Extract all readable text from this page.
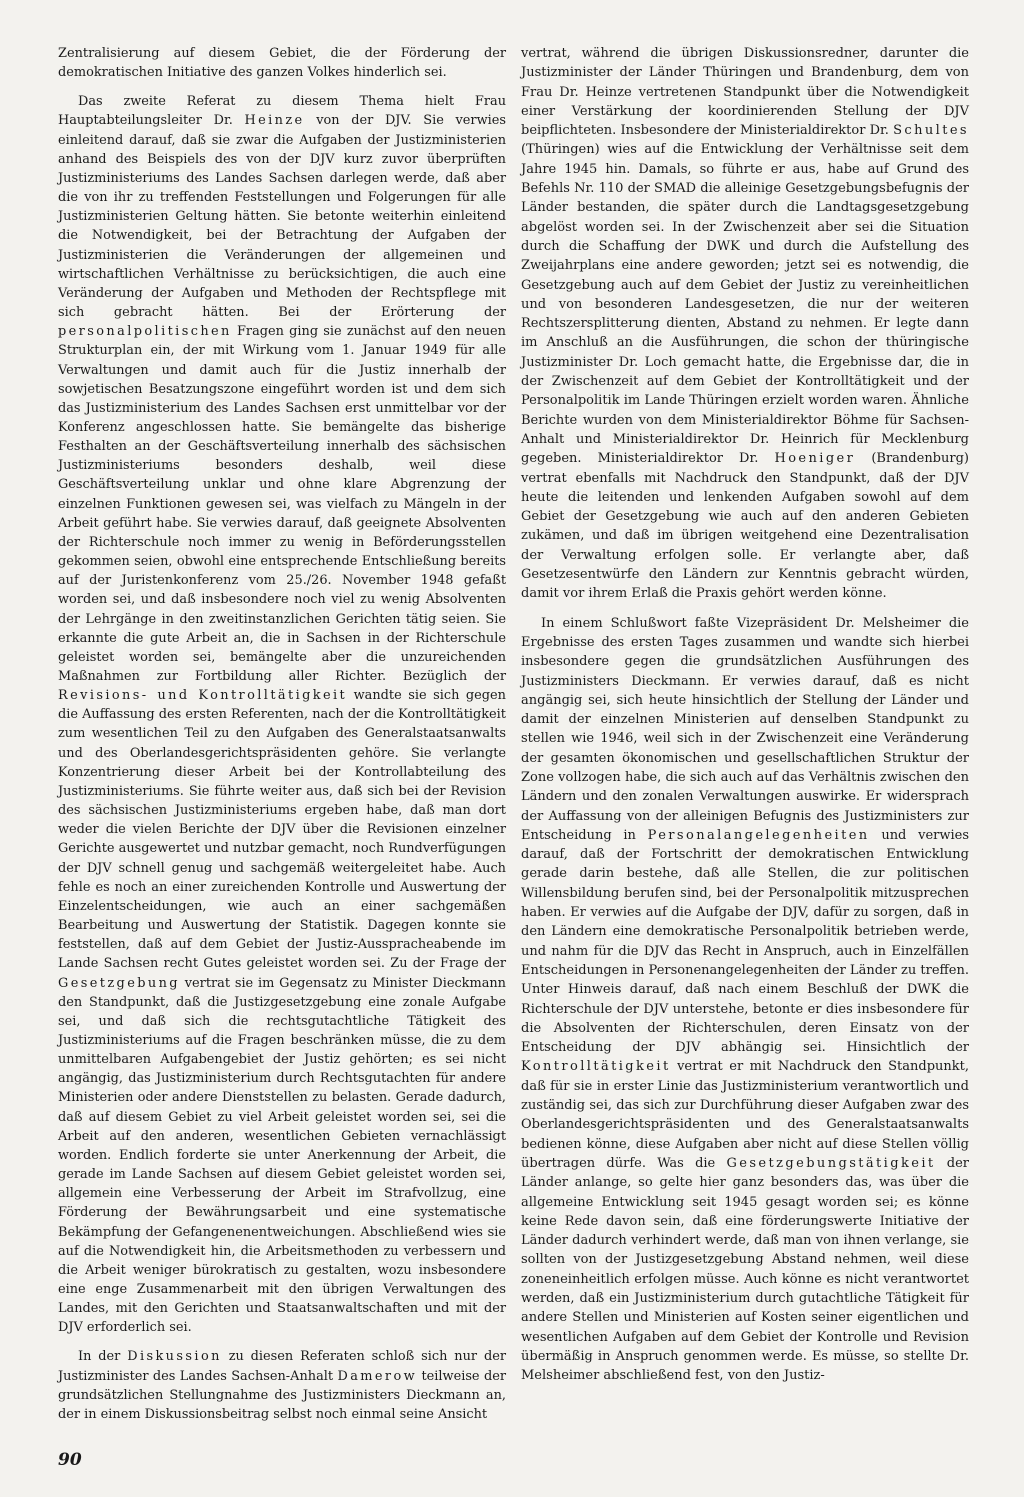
Zentralisierung auf diesem Gebiet, die der Förderung der demokratischen Initiative des ganzen Volkes hinderlich sei.

Das zweite Referat zu diesem Thema hielt Frau Hauptabteilungsleiter Dr. Heinze von der DJV. Sie verwies einleitend darauf, daß sie zwar die Aufgaben der Justizministerien anhand des Beispiels des von der DJV kurz zuvor überprüften Justizministeriums des Landes Sachsen darlegen werde, daß aber die von ihr zu treffenden Feststellungen und Folgerungen für alle Justizministerien Geltung hätten. Sie betonte weiterhin einleitend die Notwendigkeit, bei der Betrachtung der Aufgaben der Justizministerien die Veränderungen der allgemeinen und wirtschaftlichen Verhältnisse zu berücksichtigen, die auch eine Veränderung der Aufgaben und Methoden der Rechtspflege mit sich gebracht hätten. Bei der Erörterung der personalpolitischen Fragen ging sie zunächst auf den neuen Strukturplan ein, der mit Wirkung vom 1. Januar 1949 für alle Verwaltungen und damit auch für die Justiz innerhalb der sowjetischen Besatzungszone eingeführt worden ist und dem sich das Justizministerium des Landes Sachsen erst unmittelbar vor der Konferenz angeschlossen hatte. Sie bemängelte das bisherige Festhalten an der Geschäftsverteilung innerhalb des sächsischen Justizministeriums besonders deshalb, weil diese Geschäftsverteilung unklar und ohne klare Abgrenzung der einzelnen Funktionen gewesen sei, was vielfach zu Mängeln in der Arbeit geführt habe. Sie verwies darauf, daß geeignete Absolventen der Richterschule noch immer zu wenig in Beförderungsstellen gekommen seien, obwohl eine entsprechende Entschließung bereits auf der Juristenkonferenz vom 25./26. November 1948 gefaßt worden sei, und daß insbesondere noch viel zu wenig Absolventen der Lehrgänge in den zweitinstanzlichen Gerichten tätig seien. Sie erkannte die gute Arbeit an, die in Sachsen in der Richterschule geleistet worden sei, bemängelte aber die unzureichenden Maßnahmen zur Fortbildung aller Richter. Bezüglich der Revisions- und Kontrolltätigkeit wandte sie sich gegen die Auffassung des ersten Referenten, nach der die Kontrolltätigkeit zum wesentlichen Teil zu den Aufgaben des Generalstaatsanwalts und des Oberlandesgerichtspräsidenten gehöre. Sie verlangte Konzentrierung dieser Arbeit bei der Kontrollabteilung des Justizministeriums. Sie führte weiter aus, daß sich bei der Revision des sächsischen Justizministeriums ergeben habe, daß man dort weder die vielen Berichte der DJV über die Revisionen einzelner Gerichte ausgewertet und nutzbar gemacht, noch Rundverfügungen der DJV schnell genug und sachgemäß weitergeleitet habe. Auch fehle es noch an einer zureichenden Kontrolle und Auswertung der Einzelentscheidungen, wie auch an einer sachgemäßen Bearbeitung und Auswertung der Statistik. Dagegen konnte sie feststellen, daß auf dem Gebiet der Justiz-Ausspracheabende im Lande Sachsen recht Gutes geleistet worden sei. Zu der Frage der Gesetzgebung vertrat sie im Gegensatz zu Minister Dieckmann den Standpunkt, daß die Justizgesetzgebung eine zonale Aufgabe sei, und daß sich die rechtsgutachtliche Tätigkeit des Justizministeriums auf die Fragen beschränken müsse, die zu dem unmittelbaren Aufgabengebiet der Justiz gehörten; es sei nicht angängig, das Justizministerium durch Rechtsgutachten für andere Ministerien oder andere Dienststellen zu belasten. Gerade dadurch, daß auf diesem Gebiet zu viel Arbeit geleistet worden sei, sei die Arbeit auf den anderen, wesentlichen Gebieten vernachlässigt worden. Endlich forderte sie unter Anerkennung der Arbeit, die gerade im Lande Sachsen auf diesem Gebiet geleistet worden sei, allgemein eine Verbesserung der Arbeit im Strafvollzug, eine Förderung der Bewährungsarbeit und eine systematische Bekämpfung der Gefangenenentweichungen. Abschließend wies sie auf die Notwendigkeit hin, die Arbeitsmethoden zu verbessern und die Arbeit weniger bürokratisch zu gestalten, wozu insbesondere eine enge Zusammenarbeit mit den übrigen Verwaltungen des Landes, mit den Gerichten und Staatsanwaltschaften und mit der DJV erforderlich sei.

In der Diskussion zu diesen Referaten schloß sich nur der Justizminister des Landes Sachsen-Anhalt Damerow teilweise der grundsätzlichen Stellungnahme des Justizministers Dieckmann an, der in einem Diskussionsbeitrag selbst noch einmal seine Ansicht

vertrat, während die übrigen Diskussionsredner, darunter die Justizminister der Länder Thüringen und Brandenburg, dem von Frau Dr. Heinze vertretenen Standpunkt über die Notwendigkeit einer Verstärkung der koordinierenden Stellung der DJV beipflichteten. Insbesondere der Ministerialdirektor Dr. Schultes (Thüringen) wies auf die Entwicklung der Verhältnisse seit dem Jahre 1945 hin. Damals, so führte er aus, habe auf Grund des Befehls Nr. 110 der SMAD die alleinige Gesetzgebungsbefugnis der Länder bestanden, die später durch die Landtagsgesetzgebung abgelöst worden sei. In der Zwischenzeit aber sei die Situation durch die Schaffung der DWK und durch die Aufstellung des Zweijahrplans eine andere geworden; jetzt sei es notwendig, die Gesetzgebung auch auf dem Gebiet der Justiz zu vereinheitlichen und von besonderen Landesgesetzen, die nur der weiteren Rechtszersplitterung dienten, Abstand zu nehmen. Er legte dann im Anschluß an die Ausführungen, die schon der thüringische Justizminister Dr. Loch gemacht hatte, die Ergebnisse dar, die in der Zwischenzeit auf dem Gebiet der Kontrolltätigkeit und der Personalpolitik im Lande Thüringen erzielt worden waren. Ähnliche Berichte wurden von dem Ministerialdirektor Böhme für Sachsen-Anhalt und Ministerialdirektor Dr. Heinrich für Mecklenburg gegeben. Ministerialdirektor Dr. Hoeniger (Brandenburg) vertrat ebenfalls mit Nachdruck den Standpunkt, daß der DJV heute die leitenden und lenkenden Aufgaben sowohl auf dem Gebiet der Gesetzgebung wie auch auf den anderen Gebieten zukämen, und daß im übrigen weitgehend eine Dezentralisation der Verwaltung erfolgen solle. Er verlangte aber, daß Gesetzesentwürfe den Ländern zur Kenntnis gebracht würden, damit vor ihrem Erlaß die Praxis gehört werden könne.

In einem Schlußwort faßte Vizepräsident Dr. Melsheimer die Ergebnisse des ersten Tages zusammen und wandte sich hierbei insbesondere gegen die grundsätzlichen Ausführungen des Justizministers Dieckmann. Er verwies darauf, daß es nicht angängig sei, sich heute hinsichtlich der Stellung der Länder und damit der einzelnen Ministerien auf denselben Standpunkt zu stellen wie 1946, weil sich in der Zwischenzeit eine Veränderung der gesamten ökonomischen und gesellschaftlichen Struktur der Zone vollzogen habe, die sich auch auf das Verhältnis zwischen den Ländern und den zonalen Verwaltungen auswirke. Er widersprach der Auffassung von der alleinigen Befugnis des Justizministers zur Entscheidung in Personalangelegenheiten und verwies darauf, daß der Fortschritt der demokratischen Entwicklung gerade darin bestehe, daß alle Stellen, die zur politischen Willensbildung berufen sind, bei der Personalpolitik mitzusprechen haben. Er verwies auf die Aufgabe der DJV, dafür zu sorgen, daß in den Ländern eine demokratische Personalpolitik betrieben werde, und nahm für die DJV das Recht in Anspruch, auch in Einzelfällen Entscheidungen in Personenangelegenheiten der Länder zu treffen. Unter Hinweis darauf, daß nach einem Beschluß der DWK die Richterschule der DJV unterstehe, betonte er dies insbesondere für die Absolventen der Richterschulen, deren Einsatz von der Entscheidung der DJV abhängig sei. Hinsichtlich der Kontrolltätigkeit vertrat er mit Nachdruck den Standpunkt, daß für sie in erster Linie das Justizministerium verantwortlich und zuständig sei, das sich zur Durchführung dieser Aufgaben zwar des Oberlandesgerichtspräsidenten und des Generalstaatsanwalts bedienen könne, diese Aufgaben aber nicht auf diese Stellen völlig übertragen dürfe. Was die Gesetzgebungstätigkeit der Länder anlange, so gelte hier ganz besonders das, was über die allgemeine Entwicklung seit 1945 gesagt worden sei; es könne keine Rede davon sein, daß eine förderungswerte Initiative der Länder dadurch verhindert werde, daß man von ihnen verlange, sie sollten von der Justizgesetzgebung Abstand nehmen, weil diese zoneneinheitlich erfolgen müsse. Auch könne es nicht verantwortet werden, daß ein Justizministerium durch gutachtliche Tätigkeit für andere Stellen und Ministerien auf Kosten seiner eigentlichen und wesentlichen Aufgaben auf dem Gebiet der Kontrolle und Revision übermäßig in Anspruch genommen werde. Es müsse, so stellte Dr. Melsheimer abschließend fest, von den Justiz-

90
